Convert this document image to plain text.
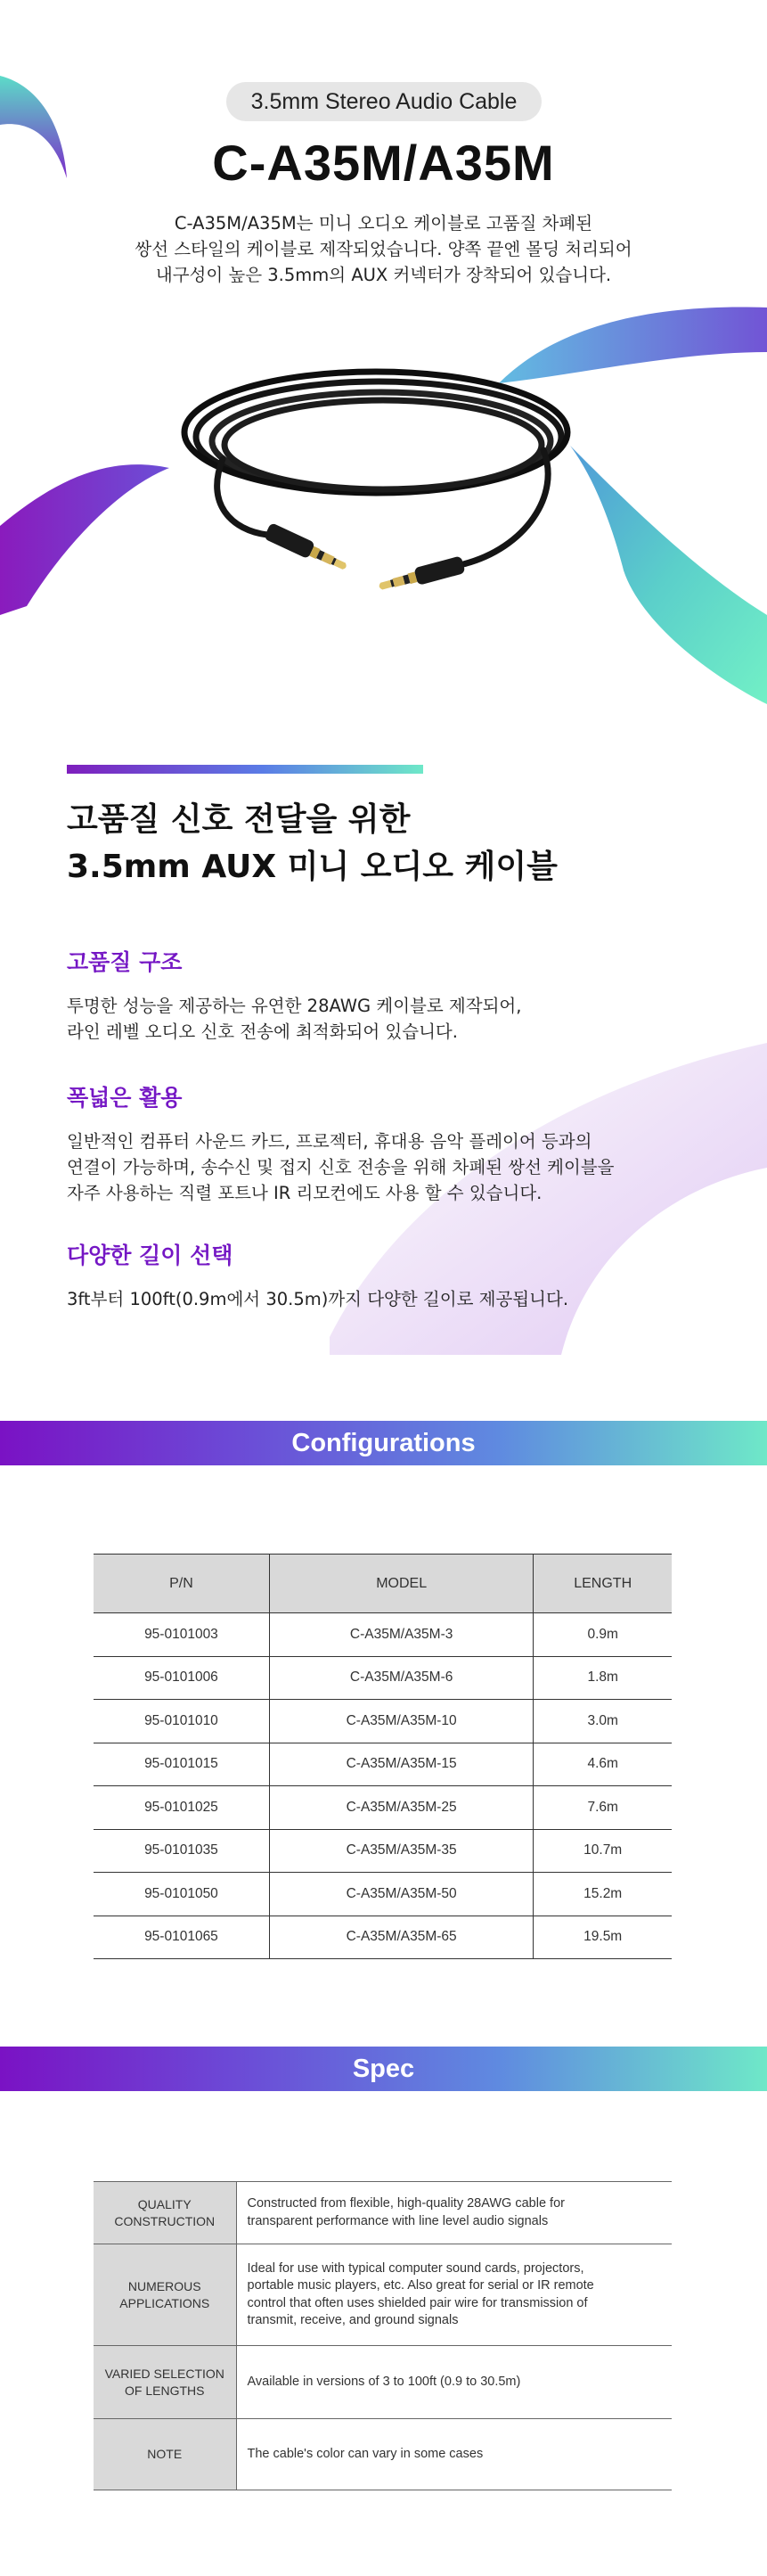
3.5mm Stereo Audio Cable
C-A35M/A35M
C-A35M/A35M는 미니 오디오 케이블로 고품질 차폐된
쌍선 스타일의 케이블로 제작되었습니다. 양쪽 끝엔 몰딩 처리되어
내구성이 높은 3.5mm의 AUX 커넥터가 장착되어 있습니다.
고품질 신호 전달을 위한
3.5mm AUX 미니 오디오 케이블
고품질 구조

투명한 성능을 제공하는 유연한 28AWG 케이블로 제작되어,
라인 레벨 오디오 신호 전송에 최적화되어 있습니다.

폭넓은 활용

일반적인 컴퓨터 사운드 카드, 프로젝터, 휴대용 음악 플레이어 등과의
연결이 가능하며, 송수신 및 접지 신호 전송을 위해 차폐된 쌍선 케이블을
자주 사용하는 직렬 포트나 IR 리모컨에도 사용 할 수 있습니다.

다양한 길이 선택

3ft부터 100ft(0.9m에서 30.5m)까지 다양한 길이로 제공됩니다.

Configurations
P/N	MODEL	LENGTH
95-0101003	C-A35M/A35M-3	0.9m
95-0101006	C-A35M/A35M-6	1.8m
95-0101010	C-A35M/A35M-10	3.0m
95-0101015	C-A35M/A35M-15	4.6m
95-0101025	C-A35M/A35M-25	7.6m
95-0101035	C-A35M/A35M-35	10.7m
95-0101050	C-A35M/A35M-50	15.2m
95-0101065	C-A35M/A35M-65	19.5m
Spec
QUALITY
CONSTRUCTION	Constructed from flexible, high-quality 28AWG cable for
transparent performance with line level audio signals
NUMEROUS
APPLICATIONS	Ideal for use with typical computer sound cards, projectors,
portable music players, etc. Also great for serial or IR remote
control that often uses shielded pair wire for transmission of
transmit, receive, and ground signals
VARIED SELECTION
OF LENGTHS	Available in versions of 3 to 100ft (0.9 to 30.5m)
NOTE	The cable's color can vary in some cases
